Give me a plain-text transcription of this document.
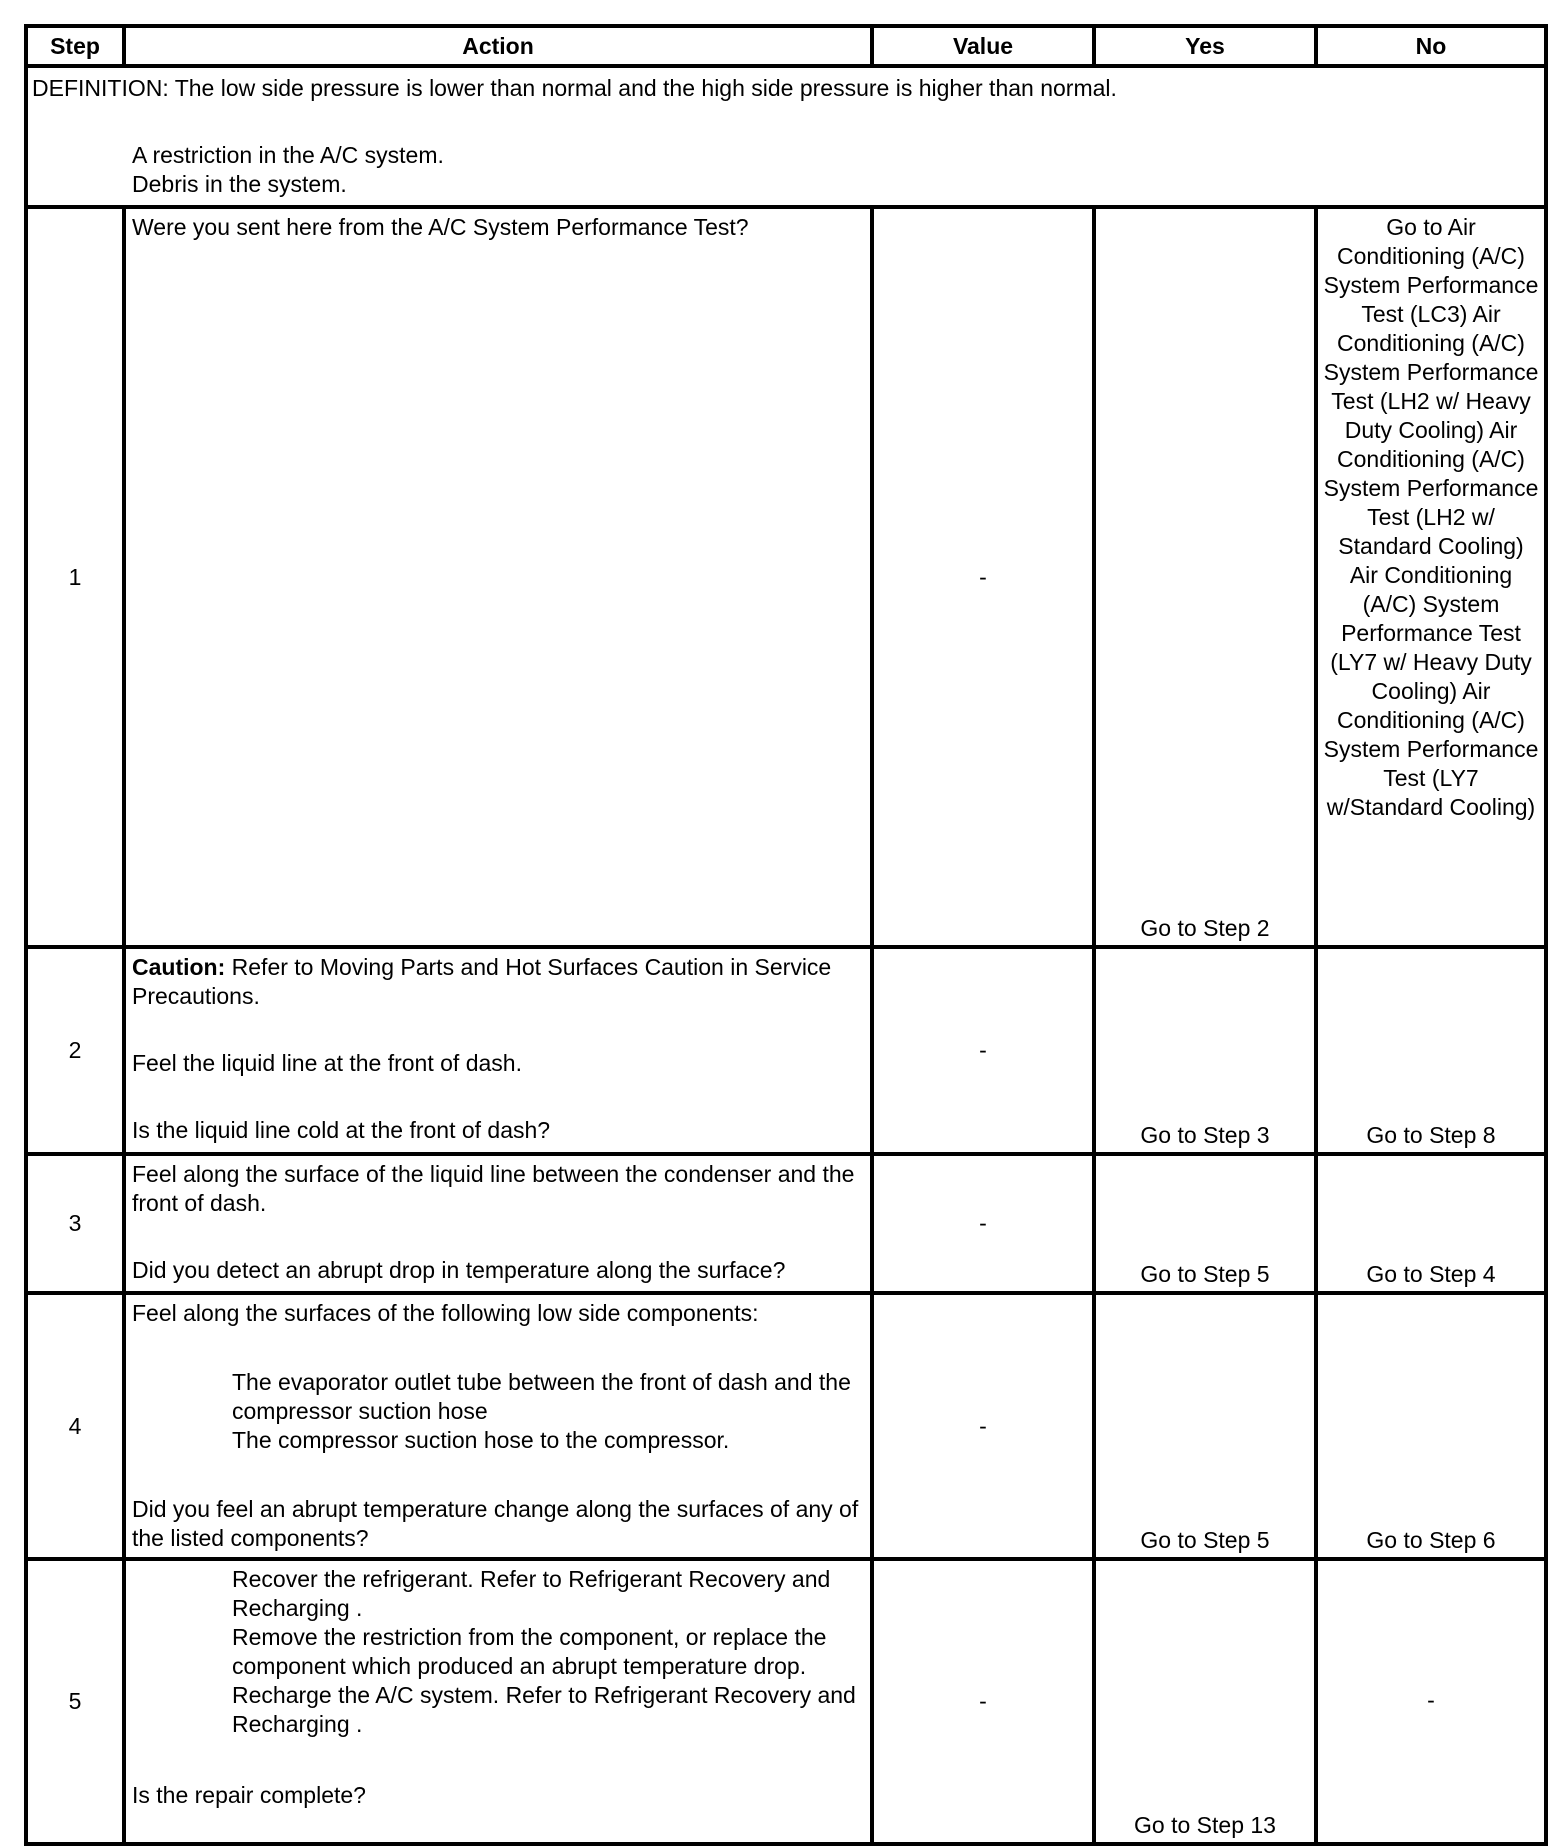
Step	Action	Value	Yes	No

DEFINITION: The low side pressure is lower than normal and the high side pressure is higher than normal.

A restriction in the A/C system.

Debris in the system.				

1	Were you sent here from the A/C System Performance Test?	-	Go to Step 2	Go to Air Conditioning (A/C) System Performance Test (LC3) Air Conditioning (A/C) System Performance Test (LH2 w/ Heavy Duty Cooling) Air Conditioning (A/C) System Performance Test (LH2 w/ Standard Cooling) Air Conditioning (A/C) System Performance Test (LY7 w/ Heavy Duty Cooling) Air Conditioning (A/C) System Performance Test (LY7 w/Standard Cooling)
2	Caution: Refer to Moving Parts and Hot Surfaces Caution in Service Precautions.

Feel the liquid line at the front of dash.

Is the liquid line cold at the front of dash?	-	Go to Step 3	Go to Step 8
3	Feel along the surface of the liquid line between the condenser and the front of dash.

Did you detect an abrupt drop in temperature along the surface?	-	Go to Step 5	Go to Step 4
4	Feel along the surfaces of the following low side components:

The evaporator outlet tube between the front of dash and the compressor suction hose

The compressor suction hose to the compressor.

Did you feel an abrupt temperature change along the surfaces of any of the listed components?	-	Go to Step 5	Go to Step 6
5	Recover the refrigerant. Refer to Refrigerant Recovery and Recharging .

Remove the restriction from the component, or replace the component which produced an abrupt temperature drop.

Recharge the A/C system. Refer to Refrigerant Recovery and Recharging .

Is the repair complete?	-	Go to Step 13	-
